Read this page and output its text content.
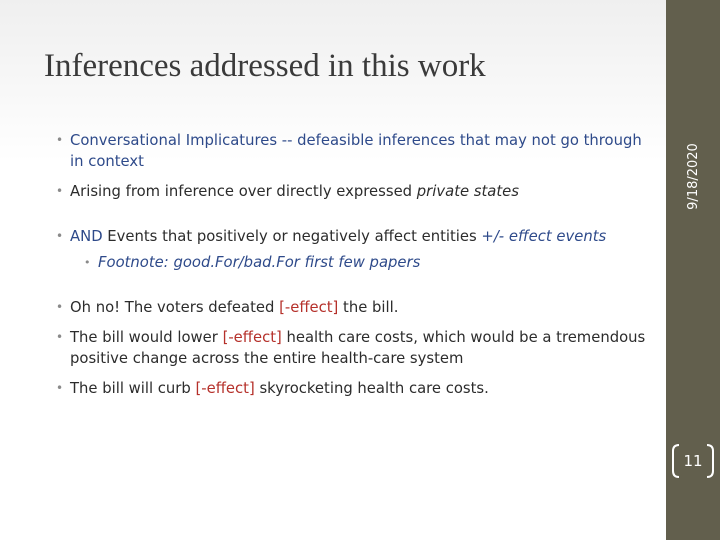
9/18/2020
Inferences addressed in this work
• Conversational Implicatures -- defeasible inferences that may not go through in context
• Arising from inference over directly expressed private states
• AND Events that positively or negatively affect entities +/- effect events
• Footnote: good.For/bad.For first few papers
• Oh no! The voters defeated [-effect] the bill.
• The bill would lower [-effect] health care costs, which would be a tremendous positive change across the entire health-care system
• The bill will curb [-effect] skyrocketing health care costs.
11
